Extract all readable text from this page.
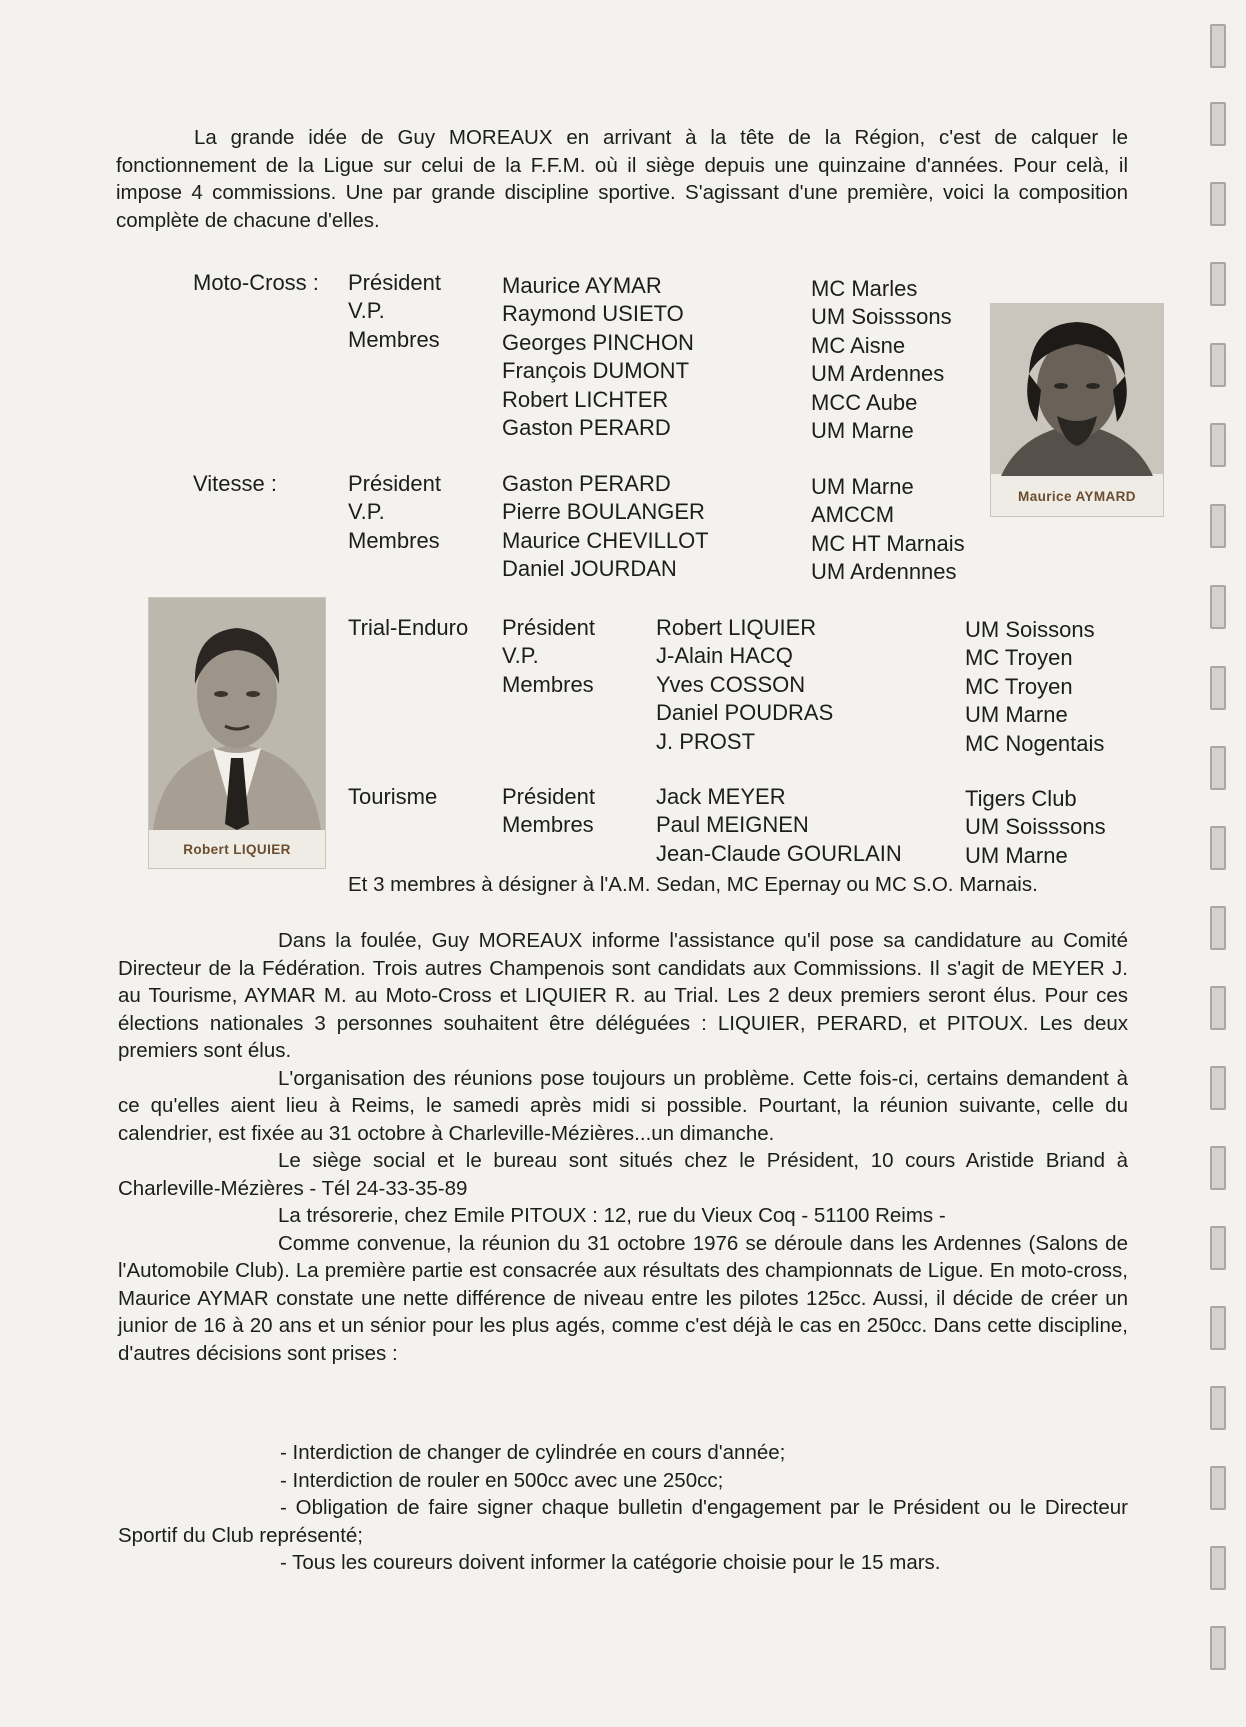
La grande idée de Guy MOREAUX en arrivant à la tête de la Région, c'est de calquer le fonctionnement de la Ligue sur celui de la F.F.M. où il siège depuis une quinzaine d'années. Pour celà, il impose 4 commissions. Une par grande discipline sportive. S'agissant d'une première, voici la composition complète de chacune d'elles.

Moto-Cross : Président
V.P.
Membres
Maurice AYMAR
Raymond USIETO
Georges PINCHON
François DUMONT
Robert LICHTER
Gaston PERARD
MC Marles
UM Soisssons
MC Aisne
UM Ardennes
MCC Aube
UM Marne
Vitesse :	Président
V.P.
Membres
Gaston PERARD
Pierre BOULANGER
Maurice CHEVILLOT
Daniel JOURDAN
UM Marne
AMCCM
MC HT Marnais
UM Ardennnes
Maurice AYMARD
Robert LIQUIER
Trial-Enduro Président
V.P.
Membres
Robert LIQUIER
J-Alain HACQ
Yves COSSON
Daniel POUDRAS
J. PROST
UM Soissons
MC Troyen
MC Troyen
UM Marne
MC Nogentais
Tourisme	Président
Membres
Jack MEYER
Paul MEIGNEN
Jean-Claude GOURLAIN
Tigers Club
UM Soisssons
UM Marne
Et 3 membres à désigner à l'A.M. Sedan, MC Epernay ou MC S.O. Marnais.

Dans la foulée, Guy MOREAUX informe l'assistance qu'il pose sa candidature au Comité Directeur de la Fédération. Trois autres Champenois sont candidats aux Commissions. Il s'agit de MEYER J. au Tourisme, AYMAR M. au Moto-Cross et LIQUIER R. au Trial. Les 2 deux premiers seront élus. Pour ces élections nationales 3 personnes souhaitent être déléguées : LIQUIER, PERARD, et PITOUX. Les deux premiers sont élus.

L'organisation des réunions pose toujours un problème. Cette fois-ci, certains demandent à ce qu'elles aient lieu à Reims, le samedi après midi si possible. Pourtant, la réunion suivante, celle du calendrier, est fixée au 31 octobre à Charleville-Mézières...un dimanche.

Le siège social et le bureau sont situés chez le Président, 10 cours Aristide Briand à Charleville-Mézières - Tél 24-33-35-89

La trésorerie, chez Emile PITOUX : 12, rue du Vieux Coq - 51100 Reims -

Comme convenue, la réunion du 31 octobre 1976 se déroule dans les Ardennes (Salons de l'Automobile Club). La première partie est consacrée aux résultats des championnats de Ligue. En moto-cross, Maurice AYMAR constate une nette différence de niveau entre les pilotes 125cc. Aussi, il décide de créer un junior de 16 à 20 ans et un sénior pour les plus agés, comme c'est déjà le cas en 250cc. Dans cette discipline, d'autres décisions sont prises :

- Interdiction de changer de cylindrée en cours d'année;
- Interdiction de rouler en 500cc avec une 250cc;

- Obligation de faire signer chaque bulletin d'engagement par le Président ou le Directeur Sportif du Club représenté;

- Tous les coureurs doivent informer la catégorie choisie pour le 15 mars.
